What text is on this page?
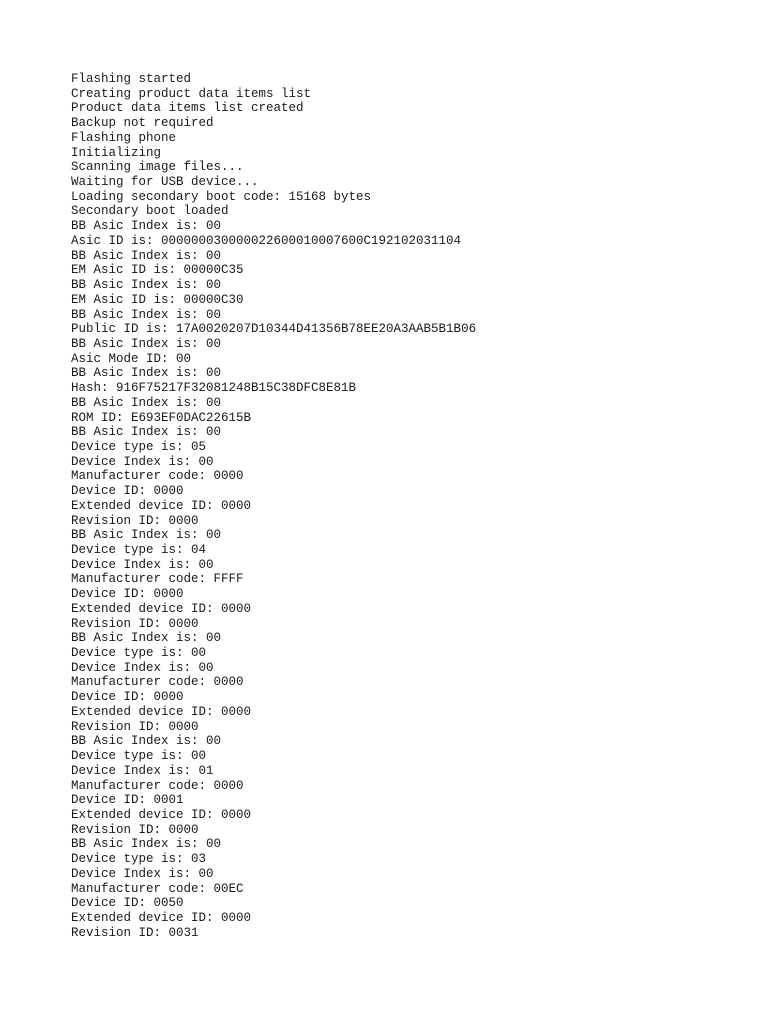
Flashing started
Creating product data items list
Product data items list created
Backup not required
Flashing phone
Initializing
Scanning image files...
Waiting for USB device...
Loading secondary boot code: 15168 bytes
Secondary boot loaded
BB Asic Index is: 00
Asic ID is: 000000030000022600010007600C192102031104
BB Asic Index is: 00
EM Asic ID is: 00000C35
BB Asic Index is: 00
EM Asic ID is: 00000C30
BB Asic Index is: 00
Public ID is: 17A0020207D10344D41356B78EE20A3AAB5B1B06
BB Asic Index is: 00
Asic Mode ID: 00
BB Asic Index is: 00
Hash: 916F75217F32081248B15C38DFC8E81B
BB Asic Index is: 00
ROM ID: E693EF0DAC22615B
BB Asic Index is: 00
Device type is: 05
Device Index is: 00
Manufacturer code: 0000
Device ID: 0000
Extended device ID: 0000
Revision ID: 0000
BB Asic Index is: 00
Device type is: 04
Device Index is: 00
Manufacturer code: FFFF
Device ID: 0000
Extended device ID: 0000
Revision ID: 0000
BB Asic Index is: 00
Device type is: 00
Device Index is: 00
Manufacturer code: 0000
Device ID: 0000
Extended device ID: 0000
Revision ID: 0000
BB Asic Index is: 00
Device type is: 00
Device Index is: 01
Manufacturer code: 0000
Device ID: 0001
Extended device ID: 0000
Revision ID: 0000
BB Asic Index is: 00
Device type is: 03
Device Index is: 00
Manufacturer code: 00EC
Device ID: 0050
Extended device ID: 0000
Revision ID: 0031
